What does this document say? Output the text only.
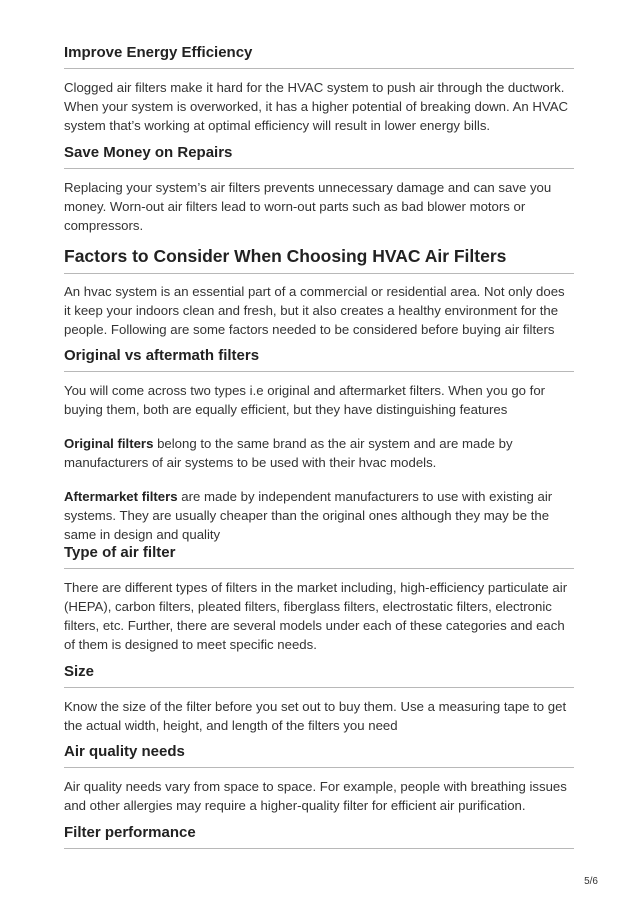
Improve Energy Efficiency

Clogged air filters make it hard for the HVAC system to push air through the ductwork. When your system is overworked, it has a higher potential of breaking down. An HVAC system that’s working at optimal efficiency will result in lower energy bills.

Save Money on Repairs

Replacing your system’s air filters prevents unnecessary damage and can save you money. Worn-out air filters lead to worn-out parts such as bad blower motors or compressors.

Factors to Consider When Choosing HVAC Air Filters

An hvac system is an essential part of a commercial or residential area. Not only does it keep your indoors clean and fresh, but it also creates a healthy environment for the people. Following are some factors needed to be considered before buying air filters

Original vs aftermath filters

You will come across two types i.e original and aftermarket filters. When you go for buying them, both are equally efficient, but they have distinguishing features

Original filters belong to the same brand as the air system and are made by manufacturers of air systems to be used with their hvac models.

Aftermarket filters are made by independent manufacturers to use with existing air systems. They are usually cheaper than the original ones although they may be the same in design and quality

Type of air filter

There are different types of filters in the market including, high-efficiency particulate air (HEPA), carbon filters, pleated filters, fiberglass filters, electrostatic filters, electronic filters, etc. Further, there are several models under each of these categories and each of them is designed to meet specific needs.

Size

Know the size of the filter before you set out to buy them. Use a measuring tape to get the actual width, height, and length of the filters you need

Air quality needs

Air quality needs vary from space to space. For example, people with breathing issues and other allergies may require a higher-quality filter for efficient air purification.

Filter performance
5/6
